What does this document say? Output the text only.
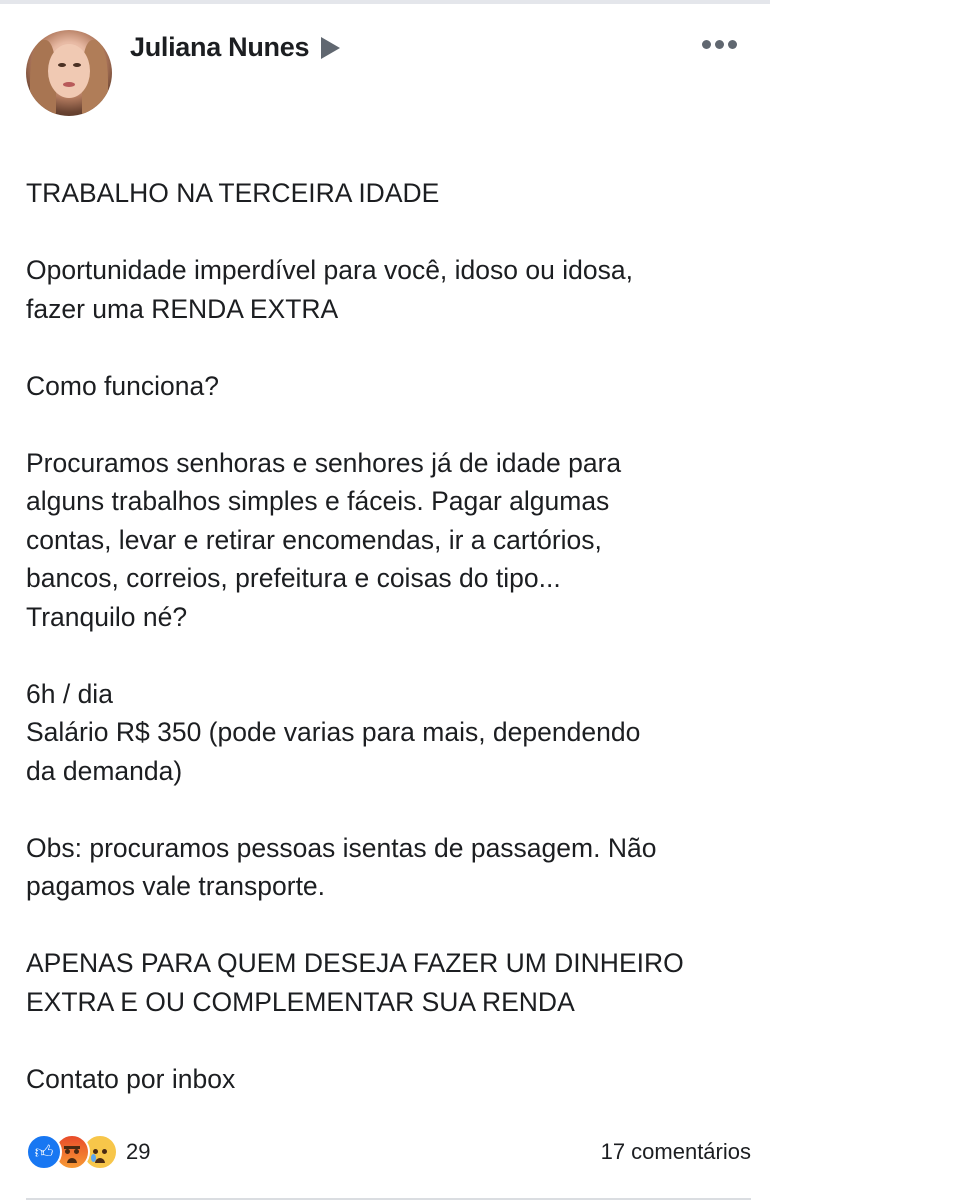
Juliana Nunes

TRABALHO NA TERCEIRA IDADE

Oportunidade imperdível para você, idoso ou idosa,
fazer uma RENDA EXTRA

Como funciona?

Procuramos senhoras e senhores já de idade para
alguns trabalhos simples e fáceis. Pagar algumas
contas, levar e retirar encomendas, ir a cartórios,
bancos, correios, prefeitura e coisas do tipo...
Tranquilo né?

6h / dia
Salário R$ 350 (pode varias para mais, dependendo
da demanda)

Obs: procuramos pessoas isentas de passagem. Não
pagamos vale transporte.

APENAS PARA QUEM DESEJA FAZER UM DINHEIRO
EXTRA E OU COMPLEMENTAR SUA RENDA

Contato por inbox

👍︎	29	17 comentários
